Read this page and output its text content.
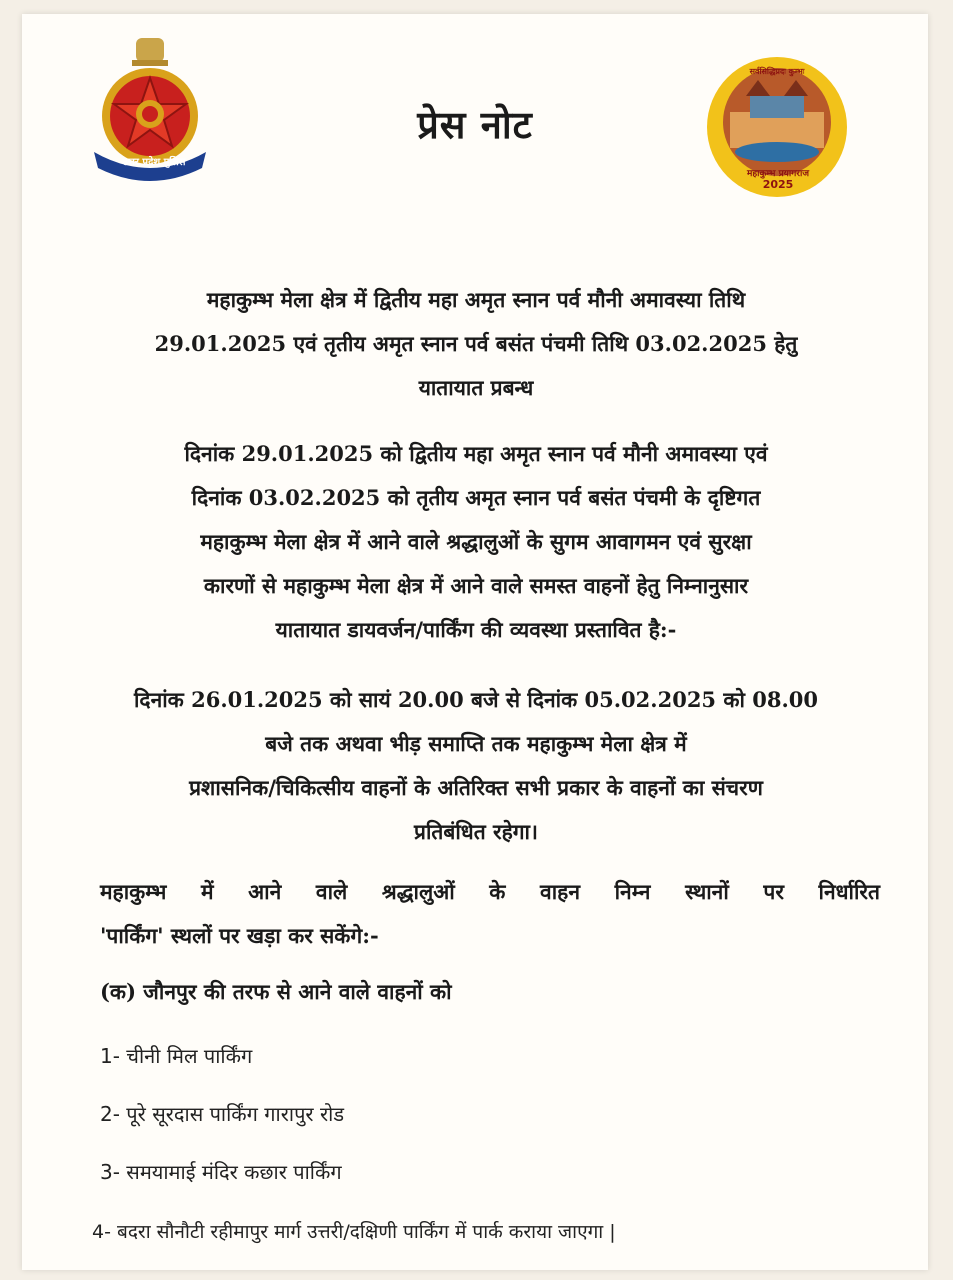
उत्तर प्रदेश पुलिस
प्रेस नोट
सर्वसिद्धिप्रदः कुम्भः
महाकुम्भ प्रयागराज
2025
महाकुम्भ मेला क्षेत्र में द्वितीय महा अमृत स्नान पर्व मौनी अमावस्या तिथि
29.01.2025 एवं तृतीय अमृत स्नान पर्व बसंत पंचमी तिथि 03.02.2025 हेतु
यातायात प्रबन्ध
दिनांक 29.01.2025 को द्वितीय महा अमृत स्नान पर्व मौनी अमावस्या एवं
दिनांक 03.02.2025 को तृतीय अमृत स्नान पर्व बसंत पंचमी के दृष्टिगत
महाकुम्भ मेला क्षेत्र में आने वाले श्रद्धालुओं के सुगम आवागमन एवं सुरक्षा
कारणों से महाकुम्भ मेला क्षेत्र में आने वाले समस्त वाहनों हेतु निम्नानुसार
यातायात डायवर्जन/पार्किंग की व्यवस्था प्रस्तावित है:-
दिनांक 26.01.2025 को सायं 20.00 बजे से दिनांक 05.02.2025 को 08.00
बजे तक अथवा भीड़ समाप्ति तक महाकुम्भ मेला क्षेत्र में
प्रशासनिक/चिकित्सीय वाहनों के अतिरिक्त सभी प्रकार के वाहनों का संचरण
प्रतिबंधित रहेगा।
महाकुम्भ में आने वाले श्रद्धालुओं के वाहन निम्न स्थानों पर निर्धारित
'पार्किंग' स्थलों पर खड़ा कर सकेंगे:-
(क) जौनपुर की तरफ से आने वाले वाहनों को
1- चीनी मिल पार्किंग
2- पूरे सूरदास पार्किंग गारापुर रोड
3- समयामाई मंदिर कछार पार्किंग
4- बदरा सौनौटी रहीमापुर मार्ग उत्तरी/दक्षिणी पार्किंग में पार्क कराया जाएगा |
